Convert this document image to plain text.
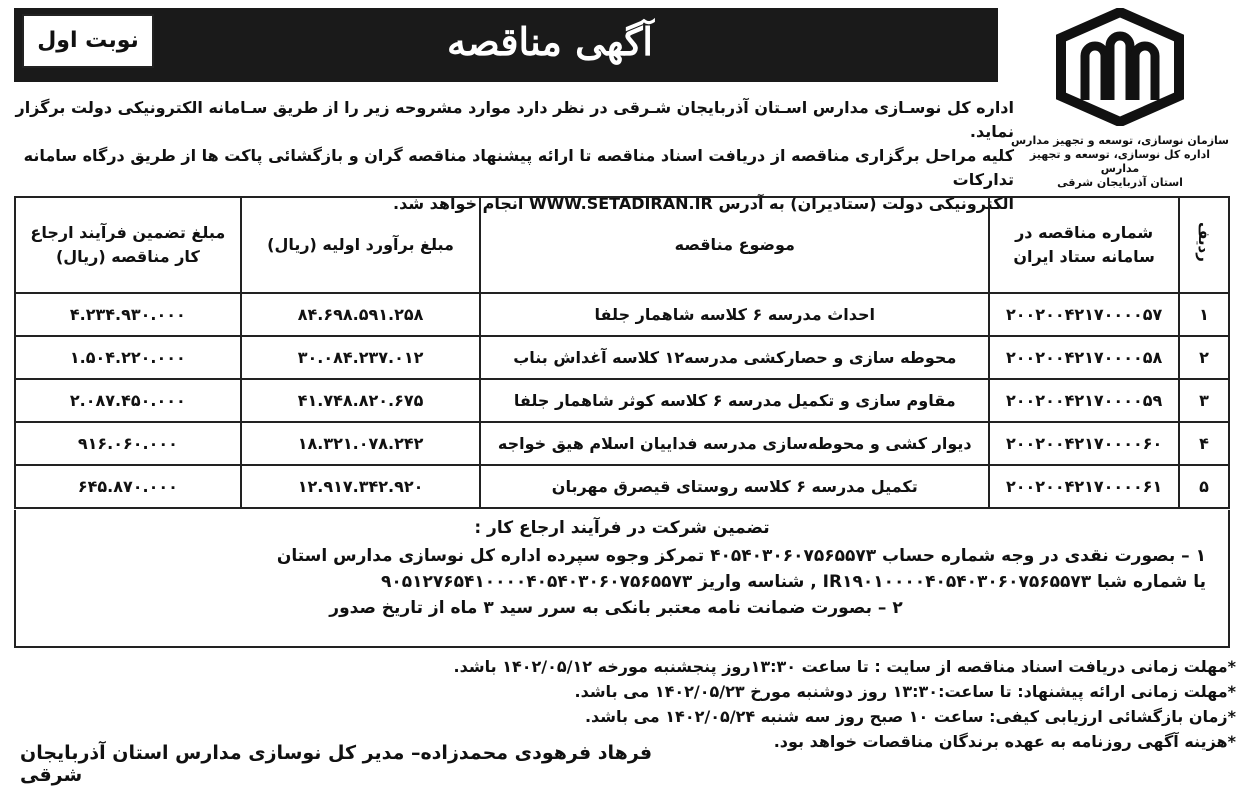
آگهی مناقصه
نوبت اول
سازمان نوسازی، توسعه و تجهیز مدارس
اداره کل نوسازی، توسعه و تجهیز مدارس
استان آذربایجان شرقی
اداره کل نوسـازی مدارس اسـتان آذربایجان شـرقی در نظر دارد موارد مشروحه زیر را از طریق سـامانه الکترونیکی دولت برگزار نماید.
کلیه مراحل برگزاری مناقصه از دریافت اسناد مناقصه تا ارائه پیشنهاد مناقصه گران و بازگشائی پاکت ها از طریق درگاه سامانه تدارکات
الکترونیکی دولت (ستادیران) به آدرس WWW.SETADIRAN.IR انجام خواهد شد.
ردیف	شماره مناقصه در سامانه ستاد ایران	موضوع مناقصه	مبلغ برآورد اولیه (ریال)	مبلغ تضمین فرآیند ارجاع کار مناقصه (ریال)
۱	۲۰۰۲۰۰۴۲۱۷۰۰۰۰۵۷	احداث مدرسه ۶ کلاسه شاهمار جلفا	۸۴.۶۹۸.۵۹۱.۲۵۸	۴.۲۳۴.۹۳۰.۰۰۰
۲	۲۰۰۲۰۰۴۲۱۷۰۰۰۰۵۸	محوطه سازی و حصارکشی مدرسه۱۲ کلاسه آغداش بناب	۳۰.۰۸۴.۲۳۷.۰۱۲	۱.۵۰۴.۲۲۰.۰۰۰
۳	۲۰۰۲۰۰۴۲۱۷۰۰۰۰۵۹	مقاوم سازی و تکمیل مدرسه ۶ کلاسه کوثر شاهمار جلفا	۴۱.۷۴۸.۸۲۰.۶۷۵	۲.۰۸۷.۴۵۰.۰۰۰
۴	۲۰۰۲۰۰۴۲۱۷۰۰۰۰۶۰	دیوار کشی و محوطه‌سازی مدرسه فداییان اسلام هیق خواجه	۱۸.۳۲۱.۰۷۸.۲۴۲	۹۱۶.۰۶۰.۰۰۰
۵	۲۰۰۲۰۰۴۲۱۷۰۰۰۰۶۱	تکمیل مدرسه ۶ کلاسه روستای قیصرق مهربان	۱۲.۹۱۷.۳۴۲.۹۲۰	۶۴۵.۸۷۰.۰۰۰
تضمین شرکت در فرآیند ارجاع کار :
۱ – بصورت نقدی در وجه شماره حساب ۴۰۵۴۰۳۰۶۰۷۵۶۵۵۷۳ تمرکز وجوه سپرده اداره کل نوسازی مدارس استان
یا شماره شبا IR۱۹۰۱۰۰۰۰۴۰۵۴۰۳۰۶۰۷۵۶۵۵۷۳ , شناسه واریز ۹۰۵۱۲۷۶۵۴۱۰۰۰۰۴۰۵۴۰۳۰۶۰۷۵۶۵۵۷۳
۲ – بصورت ضمانت نامه معتبر بانکی به سرر سید ۳ ماه از تاریخ صدور
*مهلت زمانی دریافت اسناد مناقصه از سایت : تا ساعت ۱۳:۳۰روز پنجشنبه مورخه ۱۴۰۲/۰۵/۱۲ باشد.
*مهلت زمانی ارائه پیشنهاد: تا ساعت:۱۳:۳۰ روز دوشنبه مورخ ۱۴۰۲/۰۵/۲۳ می باشد.
*زمان بازگشائی ارزیابی کیفی: ساعت ۱۰ صبح روز سه شنبه ۱۴۰۲/۰۵/۲۴ می باشد.
*هزینه آگهی روزنامه به عهده برندگان مناقصات خواهد بود.
فرهاد فرهودی محمدزاده– مدیر کل نوسازی مدارس استان آذربایجان شرقی
